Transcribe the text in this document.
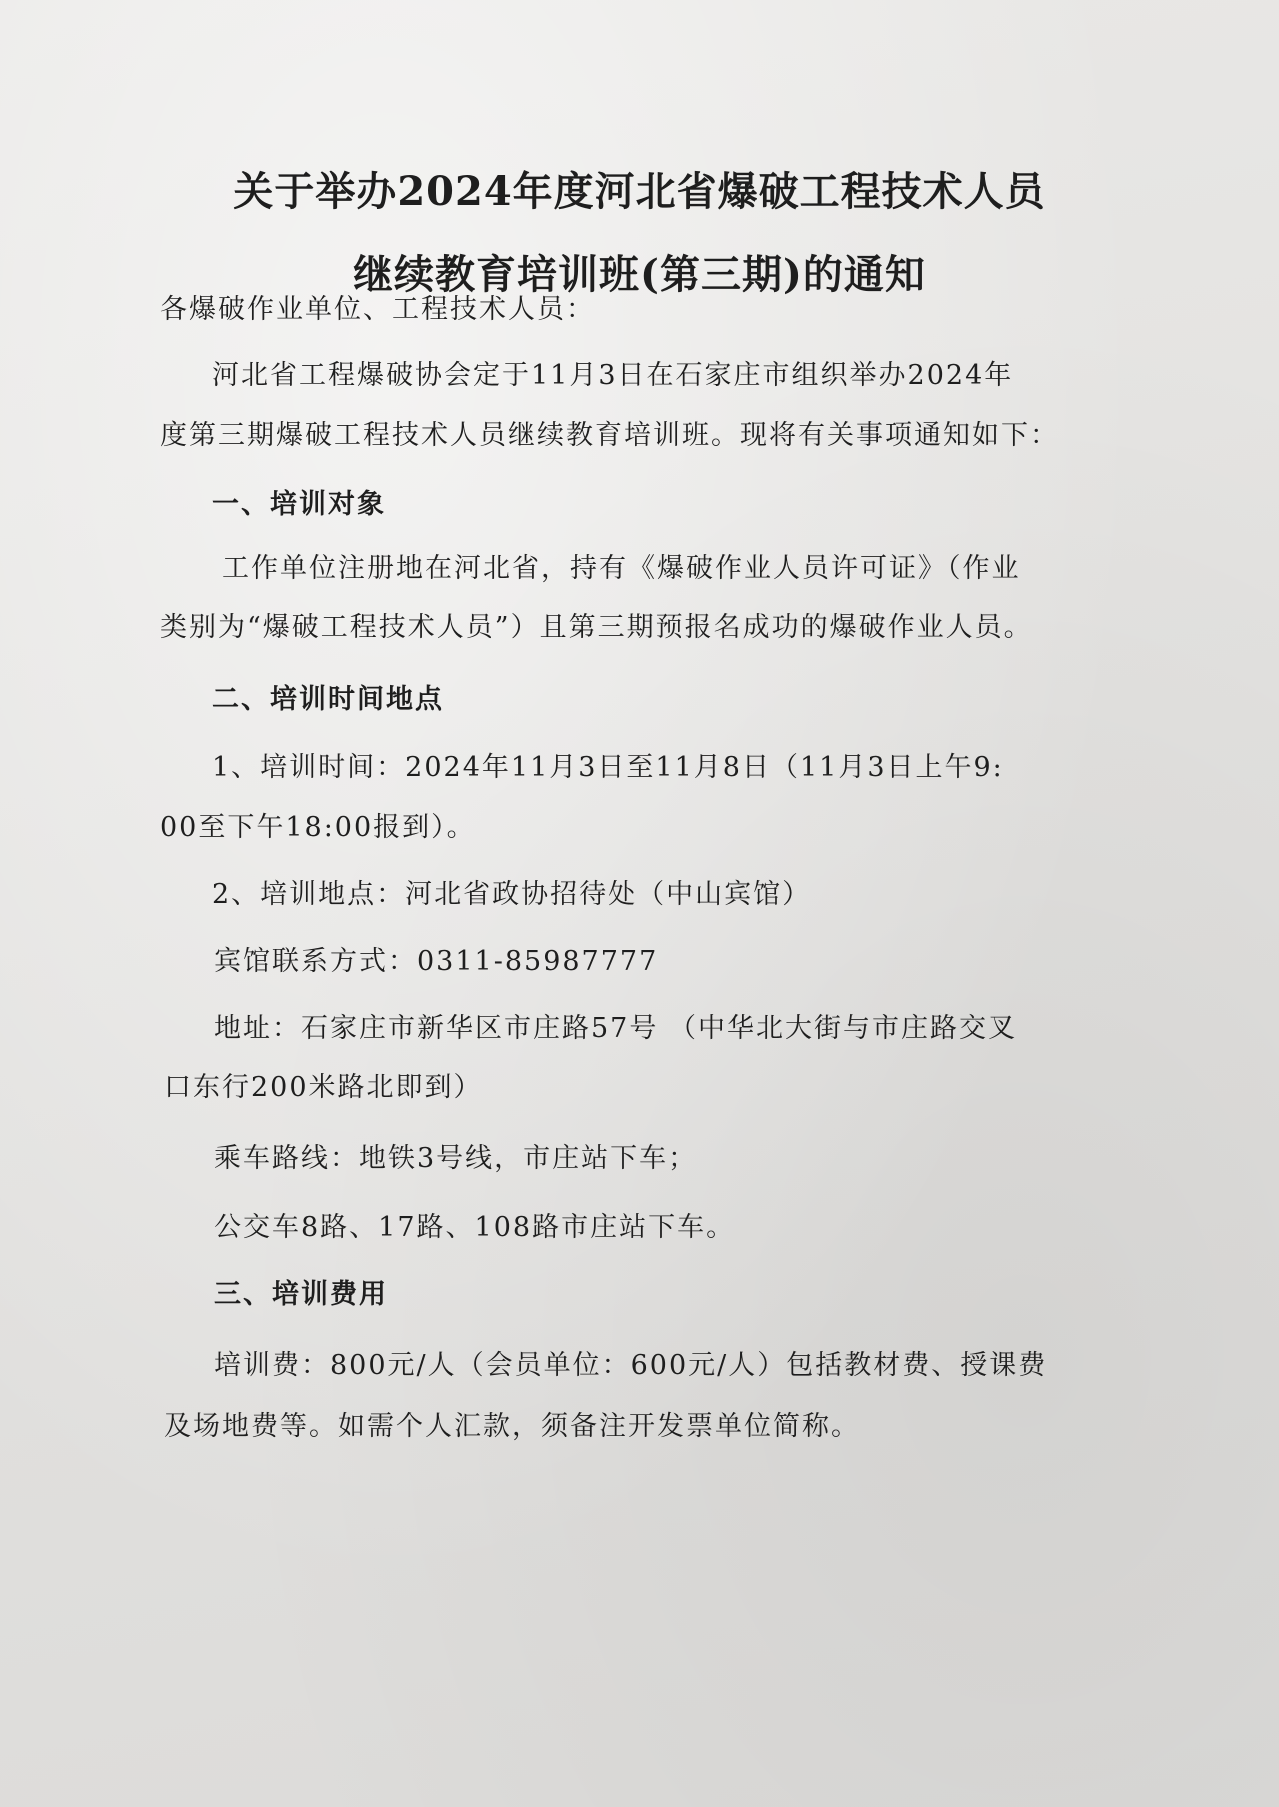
关于举办2024年度河北省爆破工程技术人员
继续教育培训班(第三期)的通知
各爆破作业单位、工程技术人员：
河北省工程爆破协会定于11月3日在石家庄市组织举办2024年
度第三期爆破工程技术人员继续教育培训班。现将有关事项通知如下：
一、培训对象
工作单位注册地在河北省，持有《爆破作业人员许可证》（作业
类别为“爆破工程技术人员”）且第三期预报名成功的爆破作业人员。
二、培训时间地点
1、培训时间：2024年11月3日至11月8日（11月3日上午9:
00至下午18:00报到）。
2、培训地点：河北省政协招待处（中山宾馆）
宾馆联系方式：0311-85987777
地址：石家庄市新华区市庄路57号 （中华北大街与市庄路交叉
口东行200米路北即到）
乘车路线：地铁3号线，市庄站下车；
公交车8路、17路、108路市庄站下车。
三、培训费用
培训费：800元/人（会员单位：600元/人）包括教材费、授课费
及场地费等。如需个人汇款，须备注开发票单位简称。
